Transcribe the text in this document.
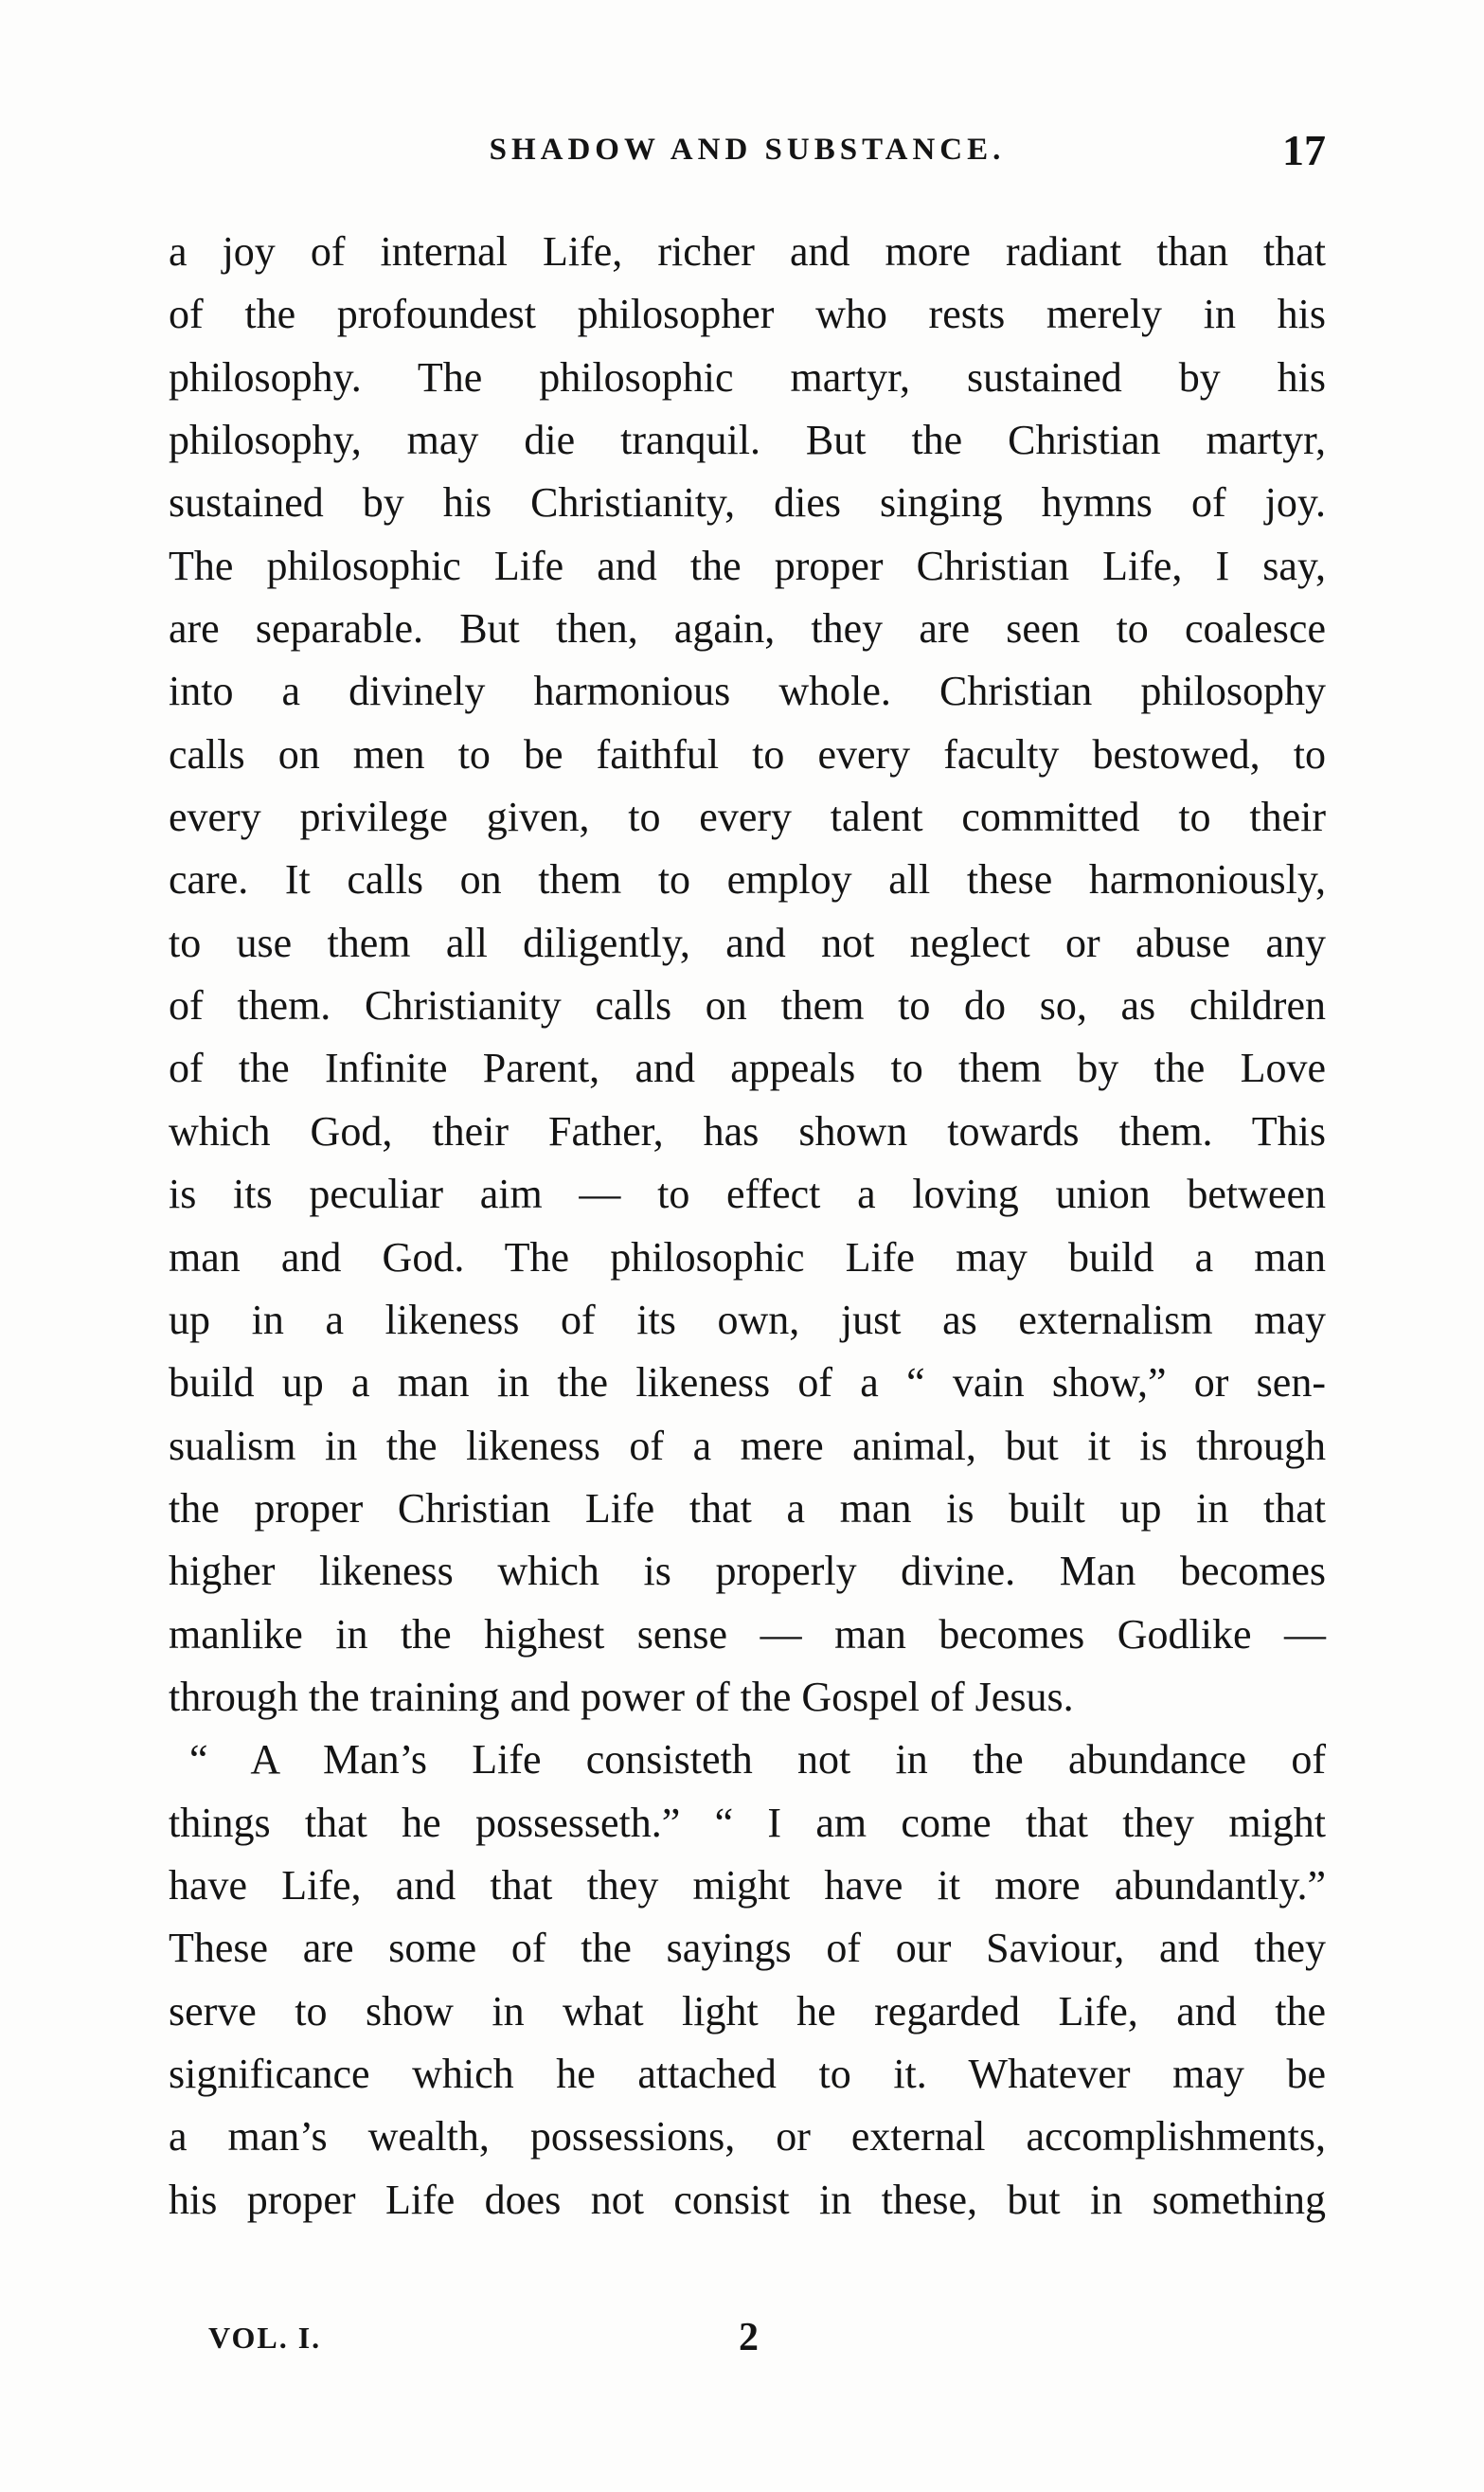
SHADOW AND SUBSTANCE.	17
a joy of internal Life, richer and more radiant than that
of the profoundest philosopher who rests merely in his
philosophy. The philosophic martyr, sustained by his
philosophy, may die tranquil. But the Christian martyr,
sustained by his Christianity, dies singing hymns of joy.
The philosophic Life and the proper Christian Life, I say,
are separable. But then, again, they are seen to coalesce
into a divinely harmonious whole. Christian philosophy
calls on men to be faithful to every faculty bestowed, to
every privilege given, to every talent committed to their
care. It calls on them to employ all these harmoniously,
to use them all diligently, and not neglect or abuse any
of them. Christianity calls on them to do so, as children
of the Infinite Parent, and appeals to them by the Love
which God, their Father, has shown towards them. This
is its peculiar aim — to effect a loving union between
man and God. The philosophic Life may build a man
up in a likeness of its own, just as externalism may
build up a man in the likeness of a “ vain show,” or sen-
sualism in the likeness of a mere animal, but it is through
the proper Christian Life that a man is built up in that
higher likeness which is properly divine. Man becomes
manlike in the highest sense — man becomes Godlike —
through the training and power of the Gospel of Jesus.
“ A Man’s Life consisteth not in the abundance of
things that he possesseth.” “ I am come that they might
have Life, and that they might have it more abundantly.”
These are some of the sayings of our Saviour, and they
serve to show in what light he regarded Life, and the
significance which he attached to it. Whatever may be
a man’s wealth, possessions, or external accomplishments,
his proper Life does not consist in these, but in something
VOL. I.	2
